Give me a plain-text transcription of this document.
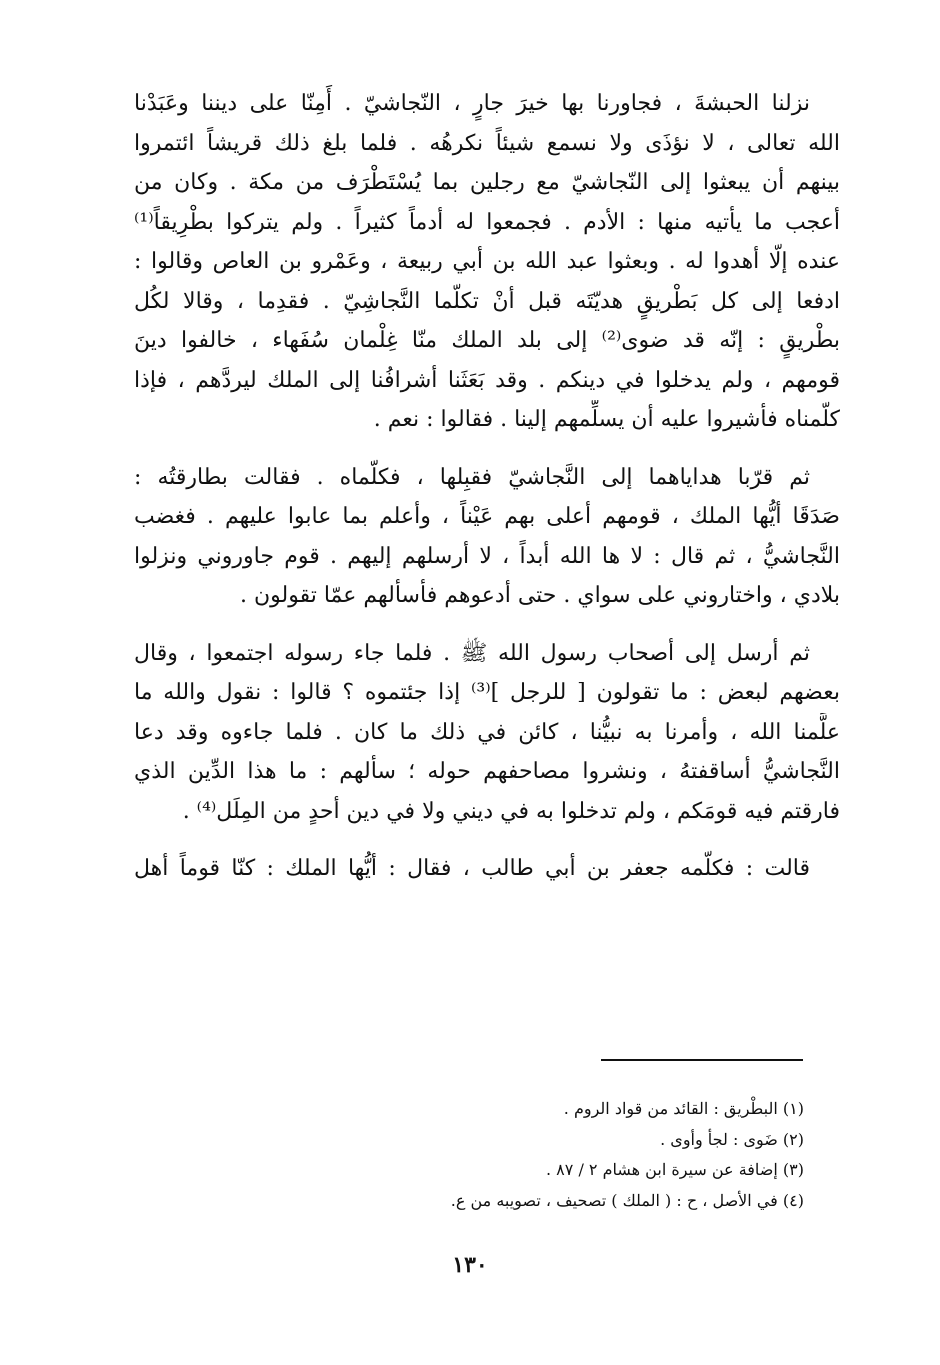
نزلنا الحبشةَ ، فجاورنا بها خيرَ جارٍ ، النّجاشيّ . أَمِنّا على ديننا وعَبَدْنا
الله تعالى ، لا نؤذَى ولا نسمع شيئاً نكرهُه . فلما بلغ ذلك قريشاً ائتمروا
بينهم أن يبعثوا إلى النّجاشيّ مع رجلين بما يُسْتَطْرَف من مكة . وكان من
أعجب ما يأتيه منها : الأدم . فجمعوا له أدماً كثيراً . ولم يتركوا بطْرِيقاً⁽¹⁾
عنده إلّا أهدوا له . وبعثوا عبد الله بن أبي ربيعة ، وعَمْرو بن العاص وقالوا :
ادفعا إلى كل بَطْريقٍ هديّتَه قبل أنْ تكلّما النَّجاشِيّ . فقدِما ، وقالا لكُل
بطْريقٍ : إنّه قد ضوى⁽²⁾ إلى بلد الملك منّا غِلْمان سُفَهاء ، خالفوا دينَ
قومهم ، ولم يدخلوا في دينكم . وقد بَعَثَنا أشرافُنا إلى الملك ليردَّهم ، فإذا
كلّمناه فأشيروا عليه أن يسلِّمهم إلينا . فقالوا : نعم .

ثم قرّبا هداياهما إلى النَّجاشيّ فقبِلها ، فكلّماه . فقالت بطارقتُه :
صَدَقَا أيُّها الملك ، قومهم أعلى بهم عَيْناً ، وأعلم بما عابوا عليهم . فغضب
النَّجاشيُّ ، ثم قال : لا ها الله أبداً ، لا أرسلهم إليهم . قوم جاوروني ونزلوا
بلادي ، واختاروني على سواي . حتى أدعوهم فأسألهم عمّا تقولون .

ثم أرسل إلى أصحاب رسول الله ﷺ . فلما جاء رسوله اجتمعوا ، وقال
بعضهم لبعض : ما تقولون [ للرجل ]⁽³⁾ إذا جئتموه ؟ قالوا : نقول والله ما
علَّمنا الله ، وأمرنا به نبيُّنا ، كائن في ذلك ما كان . فلما جاءوه وقد دعا
النَّجاشيُّ أساقفتهُ ، ونشروا مصاحفهم حوله ؛ سألهم : ما هذا الدِّين الذي
فارقتم فيه قومَكم ، ولم تدخلوا به في ديني ولا في دين أحدٍ من المِلَل⁽⁴⁾ .

قالت : فكلّمه جعفر بن أبي طالب ، فقال : أيُّها الملك : كنّا قوماً أهل

(١) البطْريق : القائد من قواد الروم .
(٢) ضَوى : لجأ وأوى .
(٣) إضافة عن سيرة ابن هشام ٢ / ٨٧ .
(٤) في الأصل ، ح : ( الملك ) تصحيف ، تصويبه من ع.
١٣٠
